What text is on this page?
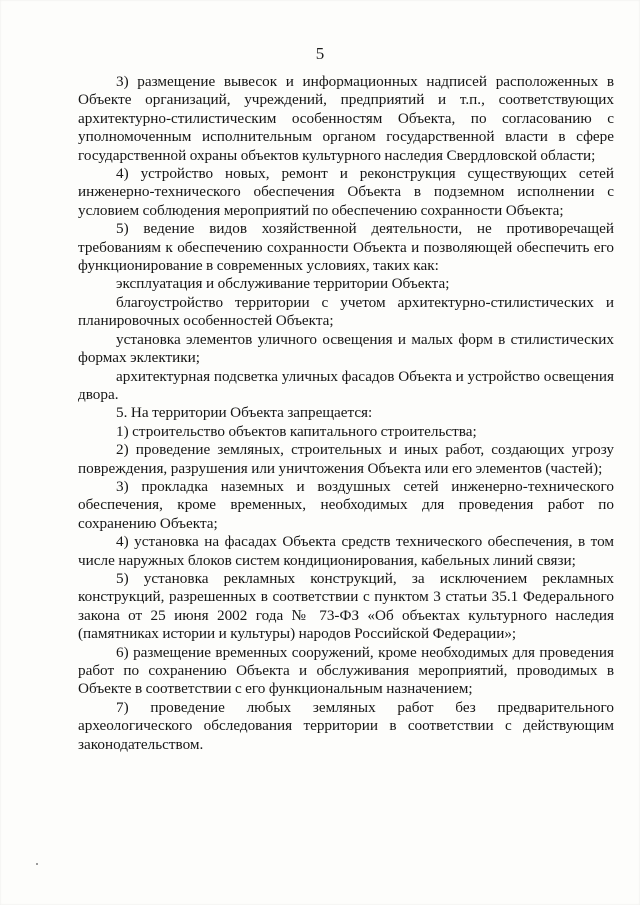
5

3) размещение вывесок и информационных надписей расположенных в Объекте организаций, учреждений, предприятий и т.п., соответствующих архитектурно-стилистическим особенностям Объекта, по согласованию с уполномоченным исполнительным органом государственной власти в сфере государственной охраны объектов культурного наследия Свердловской области;

4) устройство новых, ремонт и реконструкция существующих сетей инженерно-технического обеспечения Объекта в подземном исполнении с условием соблюдения мероприятий по обеспечению сохранности Объекта;

5) ведение видов хозяйственной деятельности, не противоречащей требованиям к обеспечению сохранности Объекта и позволяющей обеспечить его функционирование в современных условиях, таких как:

эксплуатация и обслуживание территории Объекта;

благоустройство территории с учетом архитектурно-стилистических и планировочных особенностей Объекта;

установка элементов уличного освещения и малых форм в стилистических формах эклектики;

архитектурная подсветка уличных фасадов Объекта и устройство освещения двора.

5. На территории Объекта запрещается:

1) строительство объектов капитального строительства;

2) проведение земляных, строительных и иных работ, создающих угрозу повреждения, разрушения или уничтожения Объекта или его элементов (частей);

3) прокладка наземных и воздушных сетей инженерно-технического обеспечения, кроме временных, необходимых для проведения работ по сохранению Объекта;

4) установка на фасадах Объекта средств технического обеспечения, в том числе наружных блоков систем кондиционирования, кабельных линий связи;

5) установка рекламных конструкций, за исключением рекламных конструкций, разрешенных в соответствии с пунктом 3 статьи 35.1 Федерального закона от 25 июня 2002 года № 73-ФЗ «Об объектах культурного наследия (памятниках истории и культуры) народов Российской Федерации»;

6) размещение временных сооружений, кроме необходимых для проведения работ по сохранению Объекта и обслуживания мероприятий, проводимых в Объекте в соответствии с его функциональным назначением;

7) проведение любых земляных работ без предварительного археологического обследования территории в соответствии с действующим законодательством.
